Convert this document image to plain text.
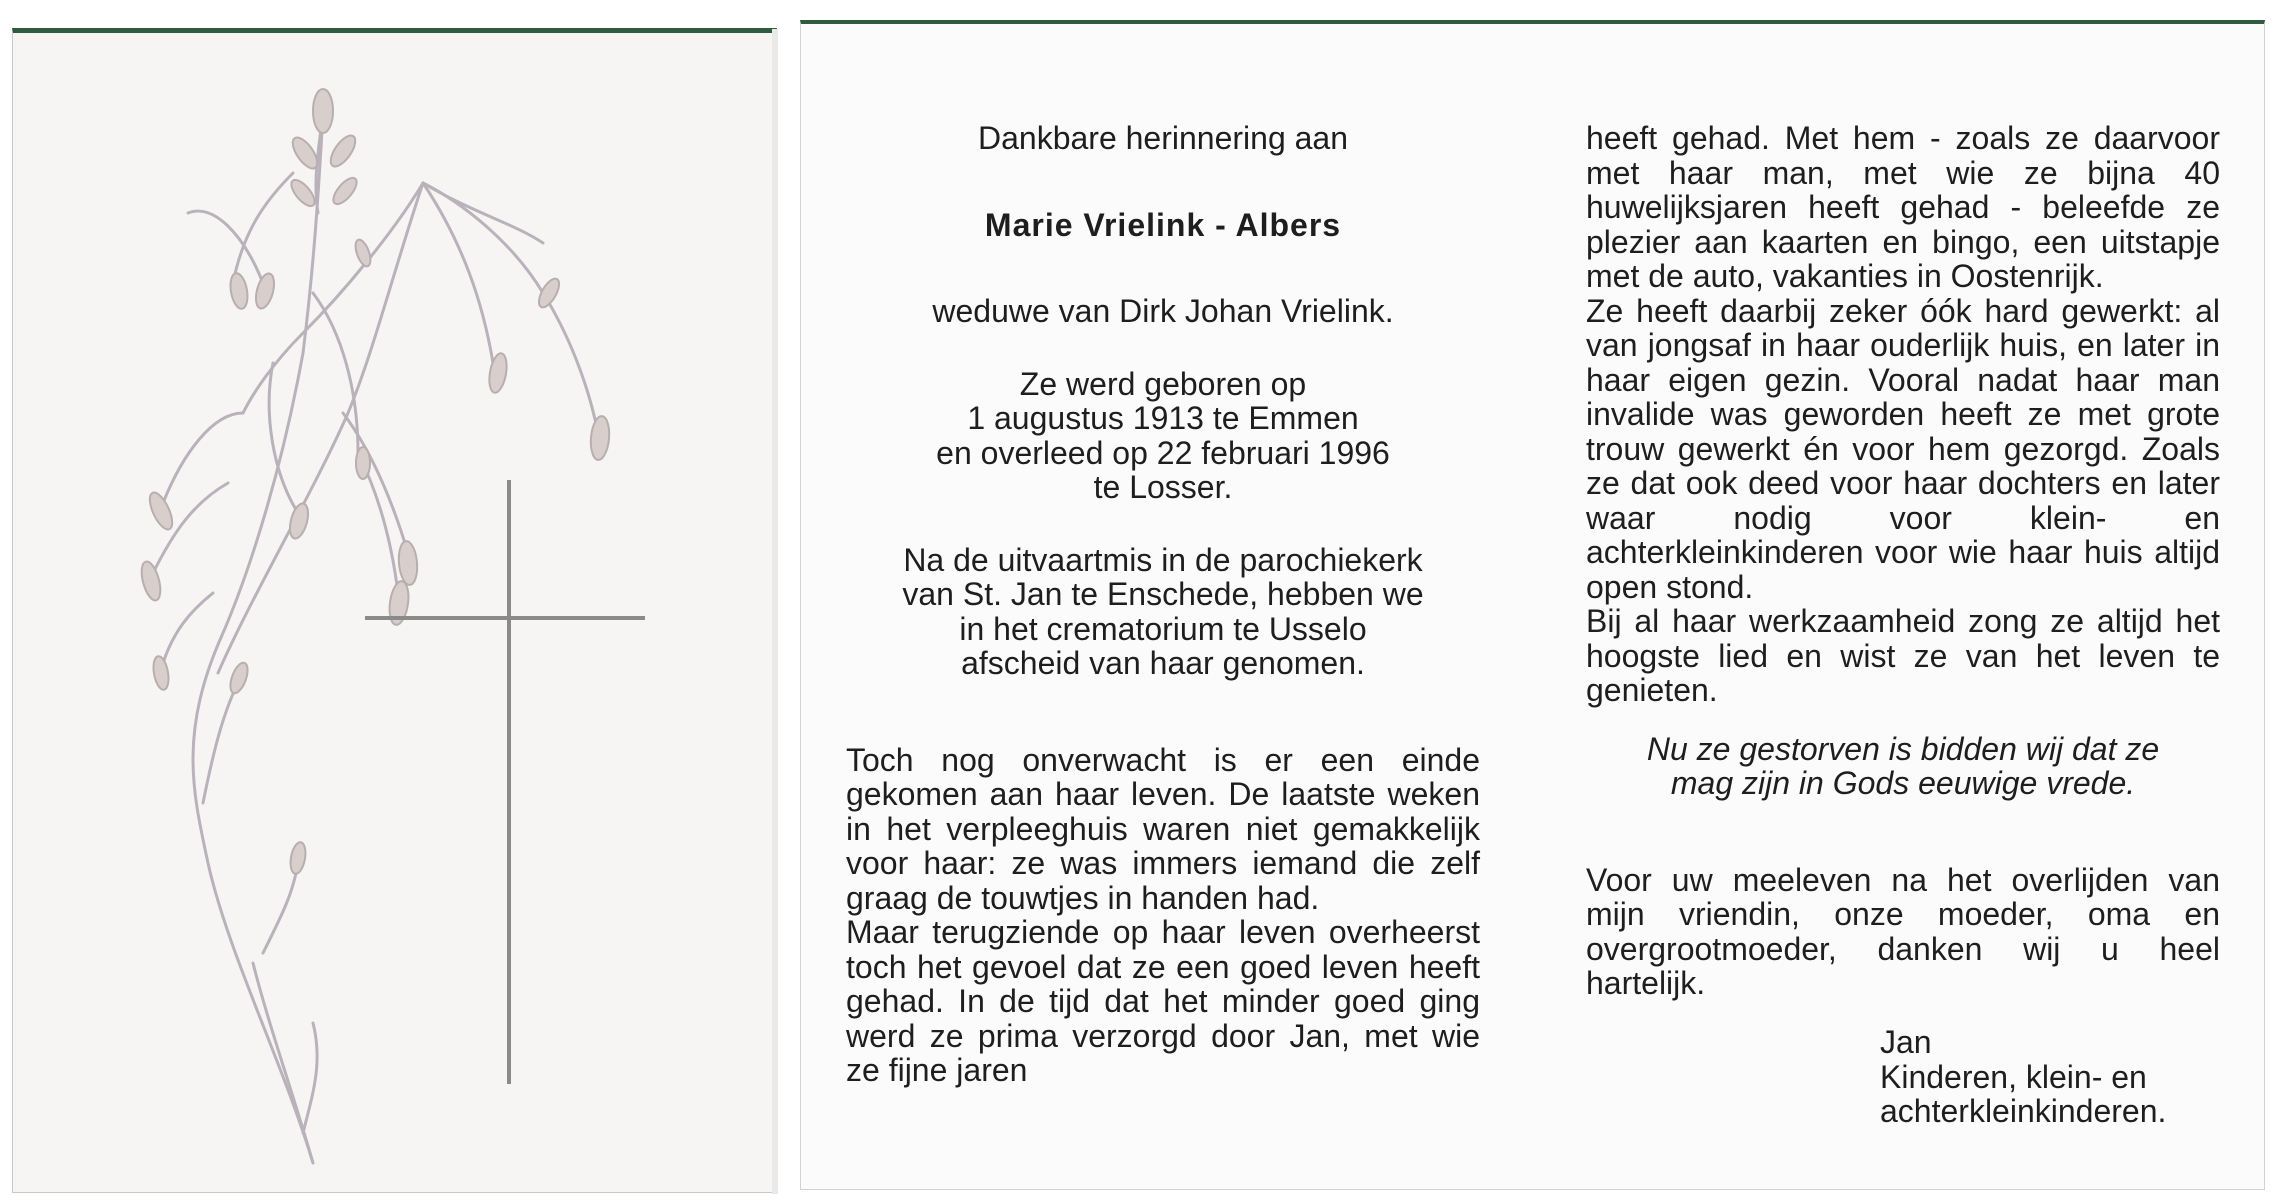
Dankbare herinnering aan
Marie Vrielink - Albers
weduwe van Dirk Johan Vrielink.
Ze werd geboren op
1 augustus 1913 te Emmen
en overleed op 22 februari 1996
te Losser.
Na de uitvaartmis in de parochiekerk
van St. Jan te Enschede, hebben we
in het crematorium te Usselo
afscheid van haar genomen.

Toch nog onverwacht is er een einde gekomen aan haar leven. De laatste weken in het verpleeghuis waren niet gemakkelijk voor haar: ze was immers iemand die zelf graag de touwtjes in handen had.

Maar terugziende op haar leven overheerst toch het gevoel dat ze een goed leven heeft gehad. In de tijd dat het minder goed ging werd ze prima verzorgd door Jan, met wie ze fijne jaren

heeft gehad. Met hem - zoals ze daarvoor met haar man, met wie ze bijna 40 huwelijksjaren heeft gehad - beleefde ze plezier aan kaarten en bingo, een uitstapje met de auto, vakanties in Oostenrijk.

Ze heeft daarbij zeker óók hard gewerkt: al van jongsaf in haar ouderlijk huis, en later in haar eigen gezin. Vooral nadat haar man invalide was geworden heeft ze met grote trouw gewerkt én voor hem gezorgd. Zoals ze dat ook deed voor haar dochters en later waar nodig voor klein- en achterkleinkinderen voor wie haar huis altijd open stond.

Bij al haar werkzaamheid zong ze altijd het hoogste lied en wist ze van het leven te genieten.

Nu ze gestorven is bidden wij dat ze
mag zijn in Gods eeuwige vrede.

Voor uw meeleven na het overlijden van mijn vriendin, onze moeder, oma en overgrootmoeder, danken wij u heel hartelijk.

Jan
Kinderen, klein- en
achterkleinkinderen.
